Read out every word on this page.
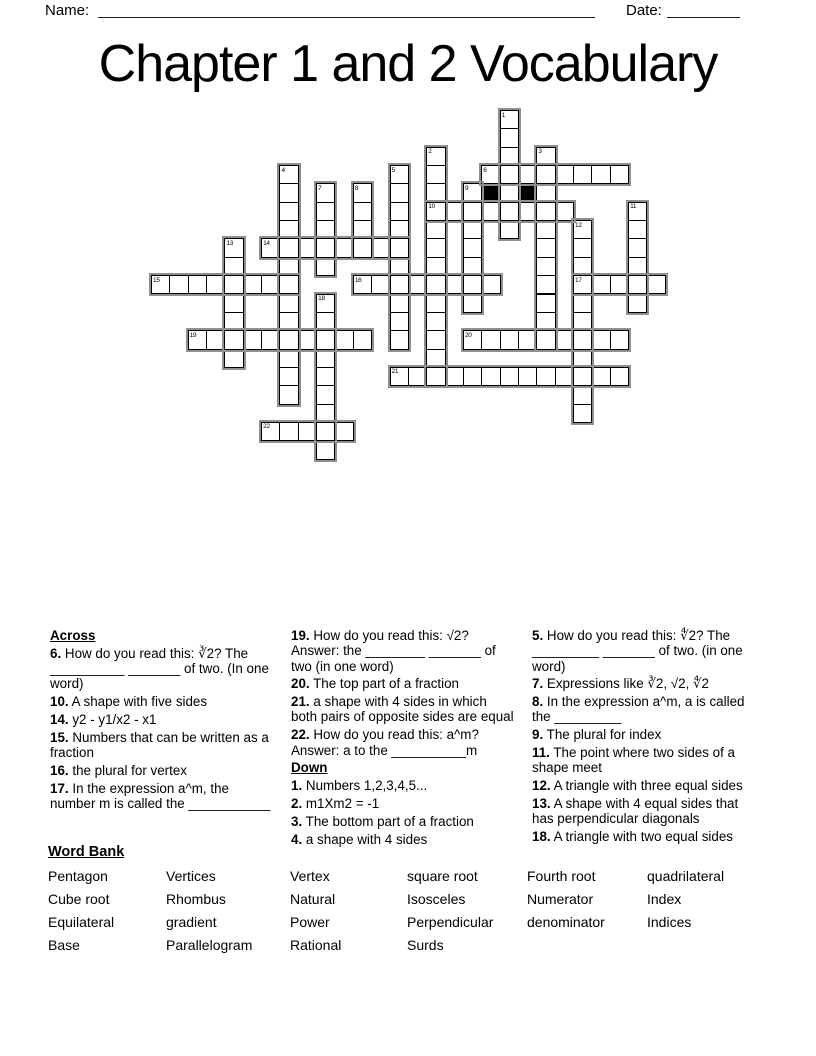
Name:	Date:
Chapter 1 and 2 Vocabulary
1
2
10
3
4	5	6
7	8	9
11
12
17
13	14
15	16
18
19	20
21
22

Across

6. How do you read this: ∛2? The __________ _______ of two. (In one word)

10. A shape with five sides

14. y2 - y1/x2 - x1

15. Numbers that can be written as a fraction

16. the plural for vertex

17. In the expression a^m, the number m is called the ___________

19. How do you read this: √2? Answer: the ________ _______ of two (in one word)

20. The top part of a fraction

21. a shape with 4 sides in which both pairs of opposite sides are equal

22. How do you read this: a^m? Answer: a to the __________m

Down

1. Numbers 1,2,3,4,5...

2. m1Xm2 = -1

3. The bottom part of a fraction

4. a shape with 4 sides

5. How do you read this: ∜2? The _________ _______ of two. (in one word)

7. Expressions like ∛2, √2, ∜2

8. In the expression a^m, a is called the _________

9. The plural for index

11. The point where two sides of a shape meet

12. A triangle with three equal sides

13. A shape with 4 equal sides that has perpendicular diagonals

18. A triangle with two equal sides

Word Bank
Pentagon	Vertices	Vertex	square root	Fourth root	quadrilateral
Cube root	Rhombus	Natural	Isosceles	Numerator	Index
Equilateral	gradient	Power	Perpendicular	denominator	Indices
Base	Parallelogram	Rational	Surds
